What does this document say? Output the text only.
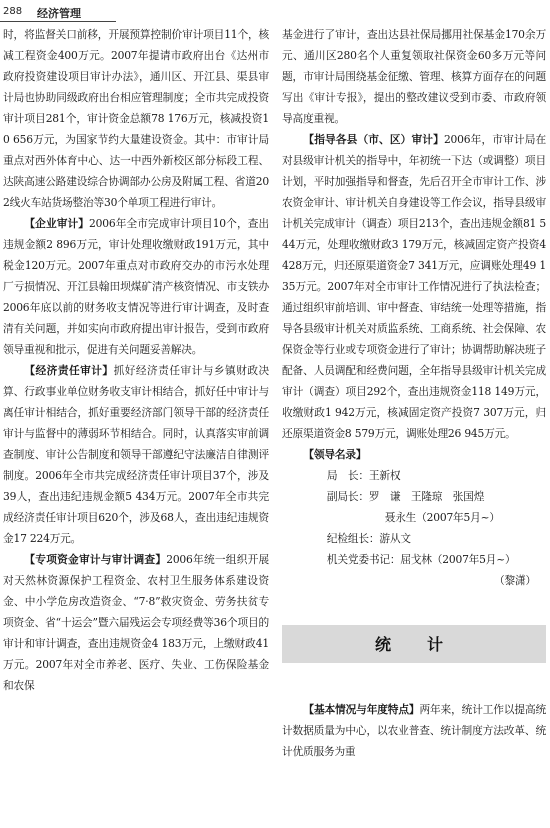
288 经济管理

时，将监督关口前移，开展预算控制价审计项目11个，核减工程资金400万元。2007年提请市政府出台《达州市政府投资建设项目审计办法》，通川区、开江县、渠县审计局也协助同级政府出台相应管理制度；全市共完成投资审计项目281个，审计资金总额78 176万元，核减投资10 656万元，为国家节约大量建设资金。其中：市审计局重点对西外体育中心、达一中西外新校区部分标段工程、达陕高速公路建设综合协调部办公房及附属工程、省道202线火车站货场整治等30个单项工程进行审计。

【企业审计】2006年全市完成审计项目10个，查出违规金额2 896万元，审计处理收缴财政191万元，其中税金120万元。2007年重点对市政府交办的市污水处理厂亏损情况、开江县翰田坝煤矿清产核资情况、市支铁办2006年底以前的财务收支情况等进行审计调查，及时查清有关问题，并如实向市政府提出审计报告，受到市政府领导重视和批示，促进有关问题妥善解决。

【经济责任审计】抓好经济责任审计与乡镇财政决算、行政事业单位财务收支审计相结合，抓好任中审计与离任审计相结合，抓好重要经济部门领导干部的经济责任审计与监督中的薄弱环节相结合。同时，认真落实审前调查制度、审计公告制度和领导干部遵纪守法廉洁自律测评制度。2006年全市共完成经济责任审计项目37个，涉及39人，查出违纪违规金额5 434万元。2007年全市共完成经济责任审计项目620个，涉及68人，查出违纪违规资金17 224万元。

【专项资金审计与审计调查】2006年统一组织开展对天然林资源保护工程资金、农村卫生服务体系建设资金、中小学危房改造资金、“7·8”救灾资金、劳务扶贫专项资金、省“十运会”暨六届残运会专项经费等36个项目的审计和审计调查，查出违规资金4 183万元，上缴财政41万元。2007年对全市养老、医疗、失业、工伤保险基金和农保

基金进行了审计，查出达县社保局挪用社保基金170余万元、通川区280名个人重复领取社保资金60多万元等问题，市审计局围绕基金征缴、管理、核算方面存在的问题写出《审计专报》，提出的整改建议受到市委、市政府领导高度重视。

【指导各县（市、区）审计】2006年，市审计局在对县级审计机关的指导中，年初统一下达（或调整）项目计划，平时加强指导和督查，先后召开全市审计工作、涉农资金审计、审计机关自身建设等工作会议，指导县级审计机关完成审计（调查）项目213个，查出违规金额81 544万元，处理收缴财政3 179万元，核减固定资产投资4 428万元，归还原渠道资金7 341万元，应调账处理49 135万元。2007年对全市审计工作情况进行了执法检查；通过组织审前培训、审中督查、审结统一处理等措施，指导各县级审计机关对质监系统、工商系统、社会保障、农保资金等行业或专项资金进行了审计；协调帮助解决班子配备、人员调配和经费问题，全年指导县级审计机关完成审计（调查）项目292个，查出违规资金118 149万元，收缴财政1 942万元，核减固定资产投资7 307万元，归还原渠道资金8 579万元，调账处理26 945万元。

【领导名录】

局　长：王新权

副局长：罗　谦　王隆琼　张国煌

聂永生（2007年5月~）

纪检组长：游从文

机关党委书记：屈戈林（2007年5月~）

（黎潇）

统　计

【基本情况与年度特点】两年来，统计工作以提高统计数据质量为中心，以农业普查、统计制度方法改革、统计优质服务为重
